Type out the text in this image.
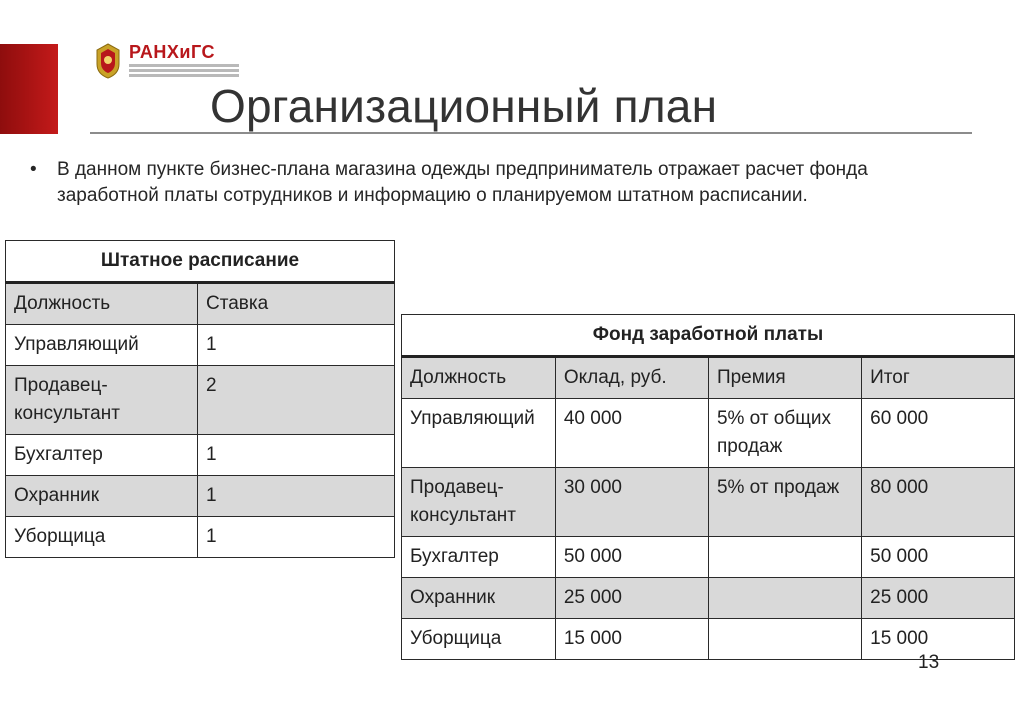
РАНХиГС
Организационный план
• В данном пункте бизнес-плана магазина одежды предприниматель отражает расчет фонда заработной платы сотрудников и информацию о планируемом штатном расписании.
Штатное расписание	
Должность	Ставка
Управляющий	1
Продавец-консультант	2
Бухгалтер	1
Охранник	1
Уборщица	1
Фонд заработной платы			
Должность	Оклад, руб.	Премия	Итог
Управляющий	40 000	5% от общих продаж	60 000
Продавец-консультант	30 000	5% от продаж	80 000
Бухгалтер	50 000		50 000
Охранник	25 000		25 000
Уборщица	15 000		15 000
13
